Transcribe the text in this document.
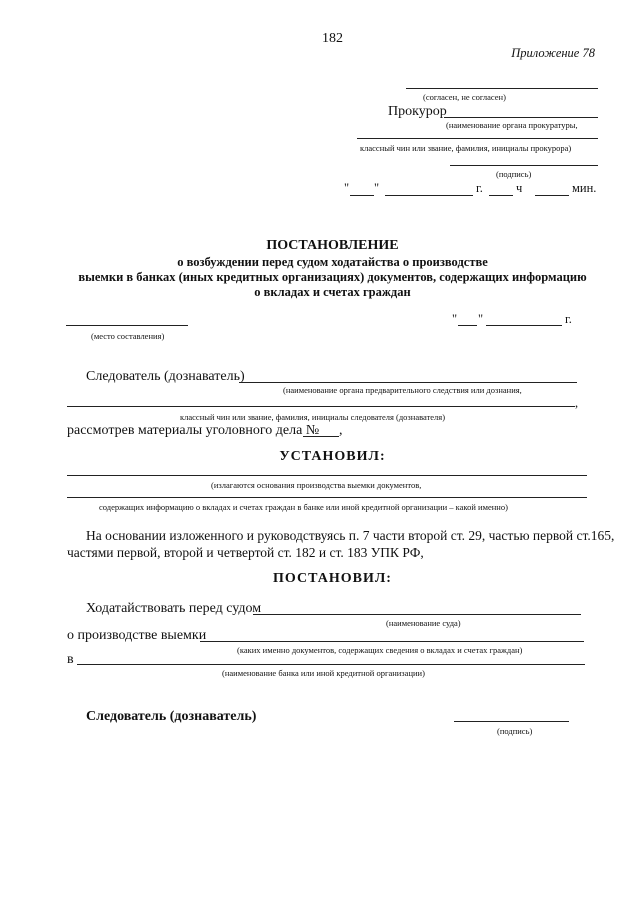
182
Приложение 78
(согласен, не согласен)
Прокурор
(наименование органа прокуратуры,
классный чин или звание, фамилия, инициалы прокурора)
(подпись)
" "	г.	ч	мин.
ПОСТАНОВЛЕНИЕ
о возбуждении перед судом ходатайства о производстве
выемки в банках (иных кредитных организациях) документов, содержащих информацию
о вкладах и счетах граждан
(место составления)
" "	г.
Следователь (дознаватель)
(наименование органа предварительного следствия или дознания,
,
классный чин или звание, фамилия, инициалы следователя (дознавателя)
рассмотрев материалы уголовного дела № ,
УСТАНОВИЛ:
(излагаются основания производства выемки документов,
содержащих информацию о вкладах и счетах граждан в банке или иной кредитной организации – какой именно)
На основании изложенного и руководствуясь п. 7 части второй ст. 29, частью первой ст.165,
частями первой, второй и четвертой ст. 182 и ст. 183 УПК РФ,
ПОСТАНОВИЛ:
Ходатайствовать перед судом
(наименование суда)
о производстве выемки
(каких именно документов, содержащих сведения о вкладах и счетах граждан)
в
(наименование банка или иной кредитной организации)
Следователь (дознаватель)
(подпись)
